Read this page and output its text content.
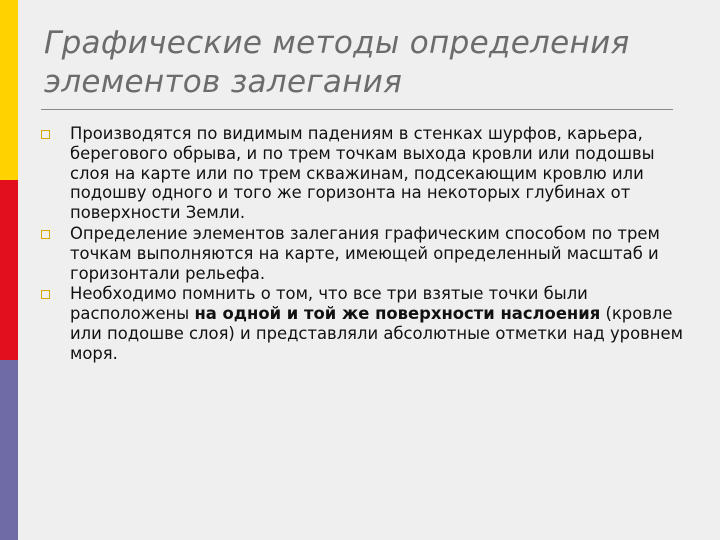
Графические методы определения элементов залегания
Производятся по видимым падениям в стенках шурфов, карьера, берегового обрыва, и по трем точкам выхода кровли или подошвы слоя на карте или по трем скважинам, подсекающим кровлю или подошву одного и того же горизонта на некоторых глубинах от поверхности Земли.
Определение элементов залегания графическим способом по трем точкам выполняются на карте, имеющей определенный масштаб и горизонтали рельефа.
Необходимо помнить о том, что все три взятые точки были расположены на одной и той же поверхности наслоения (кровле или подошве слоя) и представляли абсолютные отметки над уровнем моря.
